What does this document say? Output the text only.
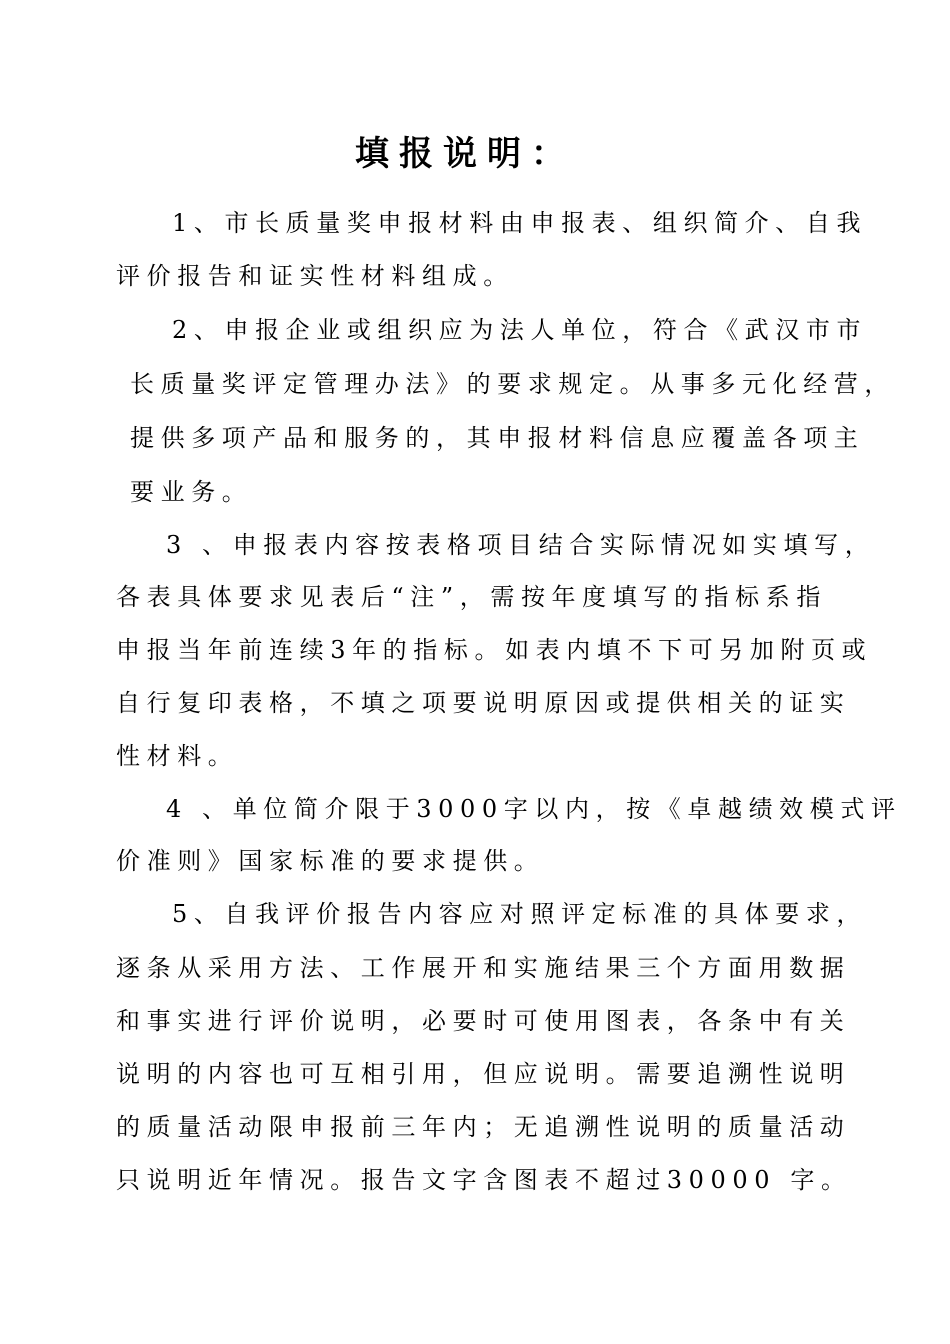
填报说明：
1、市长质量奖申报材料由申报表、组织简介、自我
评价报告和证实性材料组成。
2、申报企业或组织应为法人单位，符合《武汉市市
长质量奖评定管理办法》的要求规定。从事多元化经营，
提供多项产品和服务的，其申报材料信息应覆盖各项主
要业务。
3 、申报表内容按表格项目结合实际情况如实填写，
各表具体要求见表后“注”，需按年度填写的指标系指
申报当年前连续3年的指标。如表内填不下可另加附页或
自行复印表格，不填之项要说明原因或提供相关的证实
性材料。
4 、单位简介限于3000字以内，按《卓越绩效模式评
价准则》国家标准的要求提供。
5、自我评价报告内容应对照评定标准的具体要求，
逐条从采用方法、工作展开和实施结果三个方面用数据
和事实进行评价说明，必要时可使用图表，各条中有关
说明的内容也可互相引用，但应说明。需要追溯性说明
的质量活动限申报前三年内；无追溯性说明的质量活动
只说明近年情况。报告文字含图表不超过30000 字。
